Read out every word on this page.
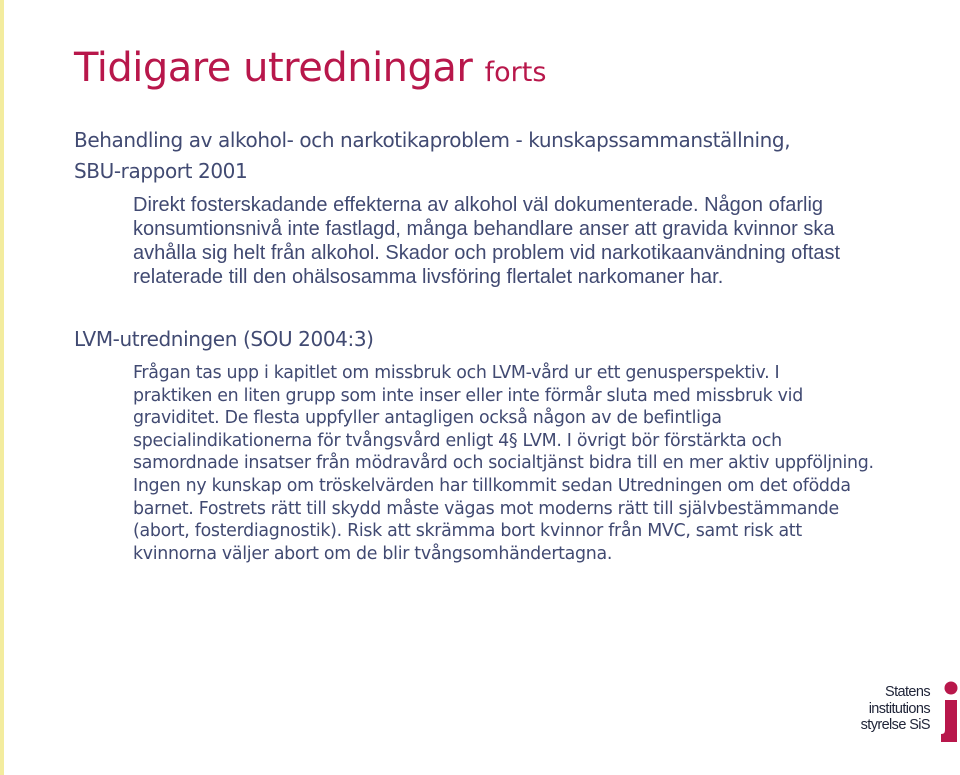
Tidigare utredningar forts
Behandling av alkohol- och narkotikaproblem - kunskapssammanställning,
SBU-rapport 2001

Direkt fosterskadande effekterna av alkohol väl dokumenterade. Någon ofarlig
konsumtionsnivå inte fastlagd, många behandlare anser att gravida kvinnor ska
avhålla sig helt från alkohol. Skador och problem vid narkotikaanvändning oftast
relaterade till den ohälsosamma livsföring flertalet narkomaner har.

LVM-utredningen (SOU 2004:3)

Frågan tas upp i kapitlet om missbruk och LVM-vård ur ett genusperspektiv. I
praktiken en liten grupp som inte inser eller inte förmår sluta med missbruk vid
graviditet. De flesta uppfyller antagligen också någon av de befintliga
specialindikationerna för tvångsvård enligt 4§ LVM. I övrigt bör förstärkta och
samordnade insatser från mödravård och socialtjänst bidra till en mer aktiv uppföljning.
Ingen ny kunskap om tröskelvärden har tillkommit sedan Utredningen om det ofödda
barnet. Fostrets rätt till skydd måste vägas mot moderns rätt till självbestämmande
(abort, fosterdiagnostik). Risk att skrämma bort kvinnor från MVC, samt risk att
kvinnorna väljer abort om de blir tvångsomhändertagna.

Statens
institutions
styrelse SiS
